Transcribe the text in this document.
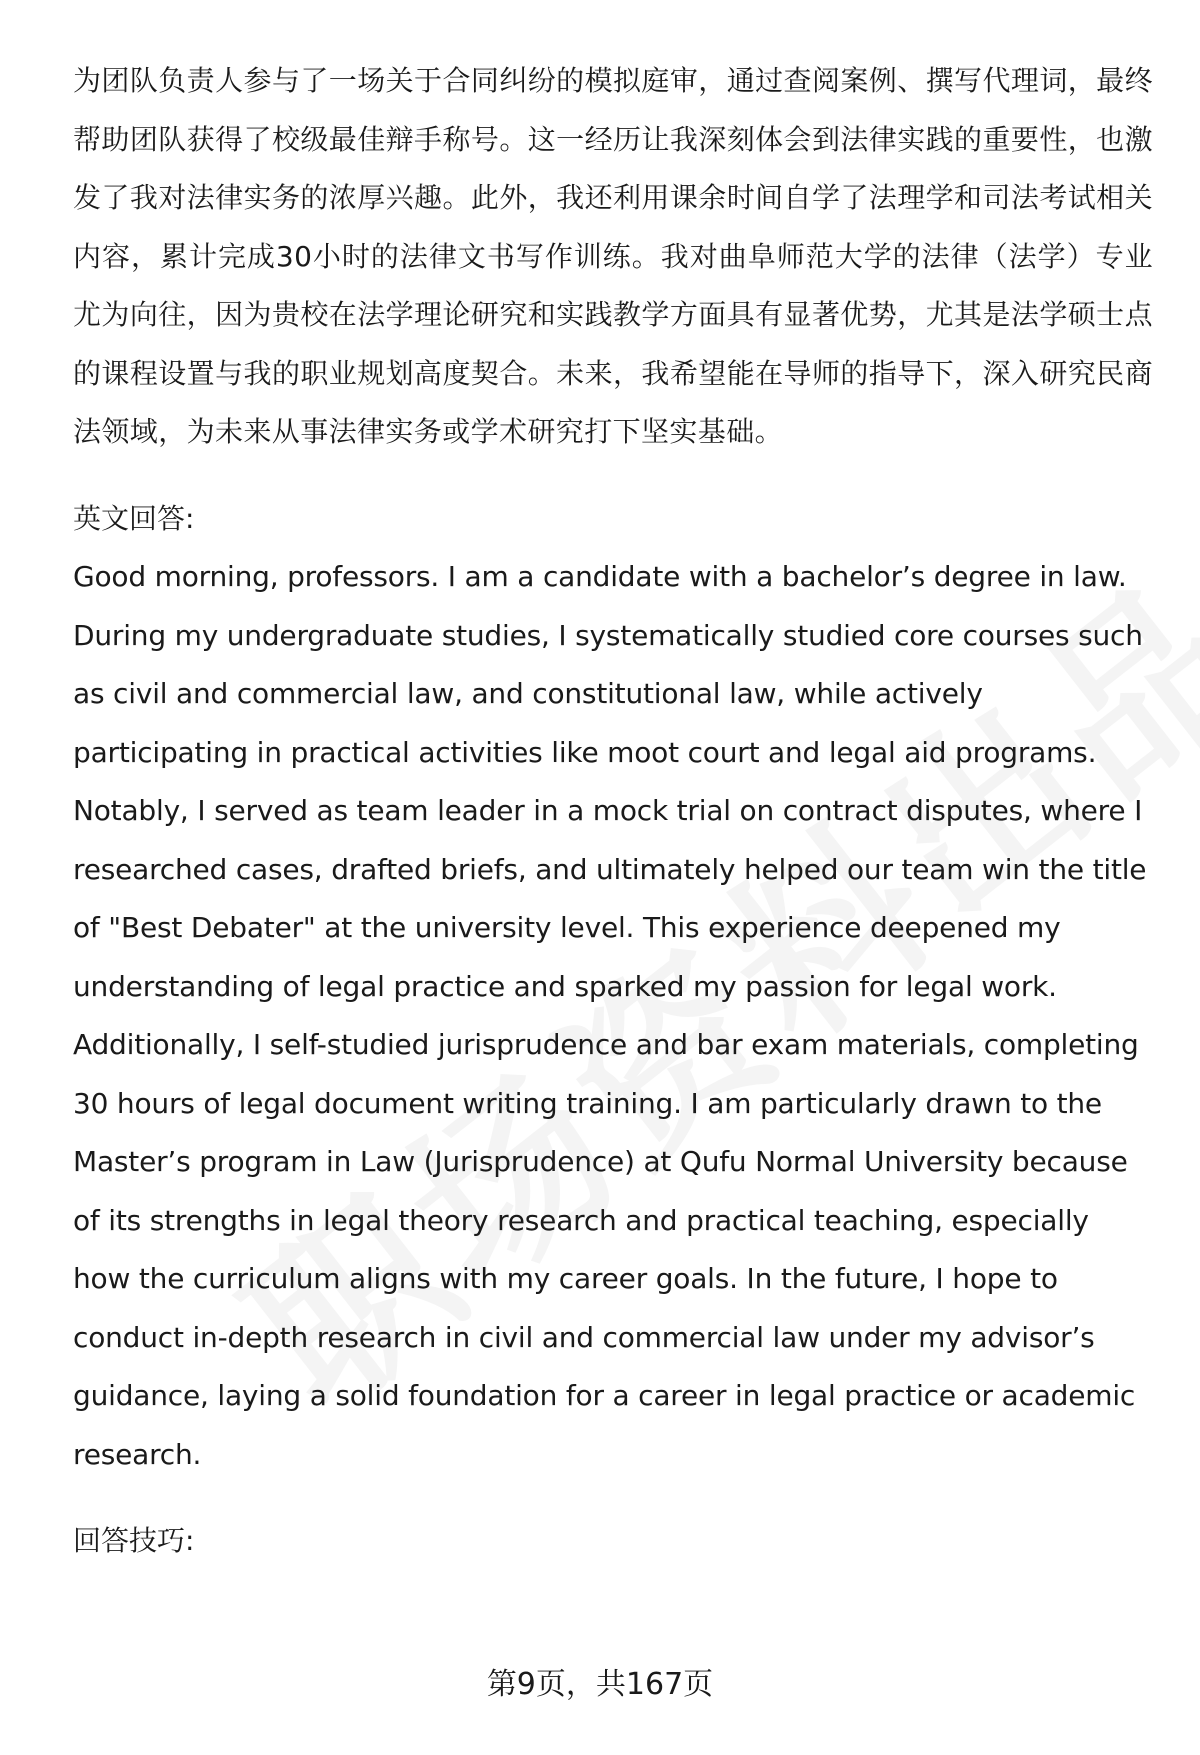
为团队负责人参与了一场关于合同纠纷的模拟庭审，通过查阅案例、撰写代理词，最终帮助团队获得了校级最佳辩手称号。这一经历让我深刻体会到法律实践的重要性，也激发了我对法律实务的浓厚兴趣。此外，我还利用课余时间自学了法理学和司法考试相关内容，累计完成30小时的法律文书写作训练。我对曲阜师范大学的法律（法学）专业尤为向往，因为贵校在法学理论研究和实践教学方面具有显著优势，尤其是法学硕士点的课程设置与我的职业规划高度契合。未来，我希望能在导师的指导下，深入研究民商法领域，为未来从事法律实务或学术研究打下坚实基础。

英文回答:

Good morning, professors. I am a candidate with a bachelor’s degree in law. During my undergraduate studies, I systematically studied core courses such as civil and commercial law, and constitutional law, while actively participating in practical activities like moot court and legal aid programs. Notably, I served as team leader in a mock trial on contract disputes, where I researched cases, drafted briefs, and ultimately helped our team win the title of "Best Debater" at the university level. This experience deepened my understanding of legal practice and sparked my passion for legal work. Additionally, I self-studied jurisprudence and bar exam materials, completing 30 hours of legal document writing training. I am particularly drawn to the Master’s program in Law (Jurisprudence) at Qufu Normal University because of its strengths in legal theory research and practical teaching, especially how the curriculum aligns with my career goals. In the future, I hope to conduct in-depth research in civil and commercial law under my advisor’s guidance, laying a solid foundation for a career in legal practice or academic research.

回答技巧:

第9页，共167页
